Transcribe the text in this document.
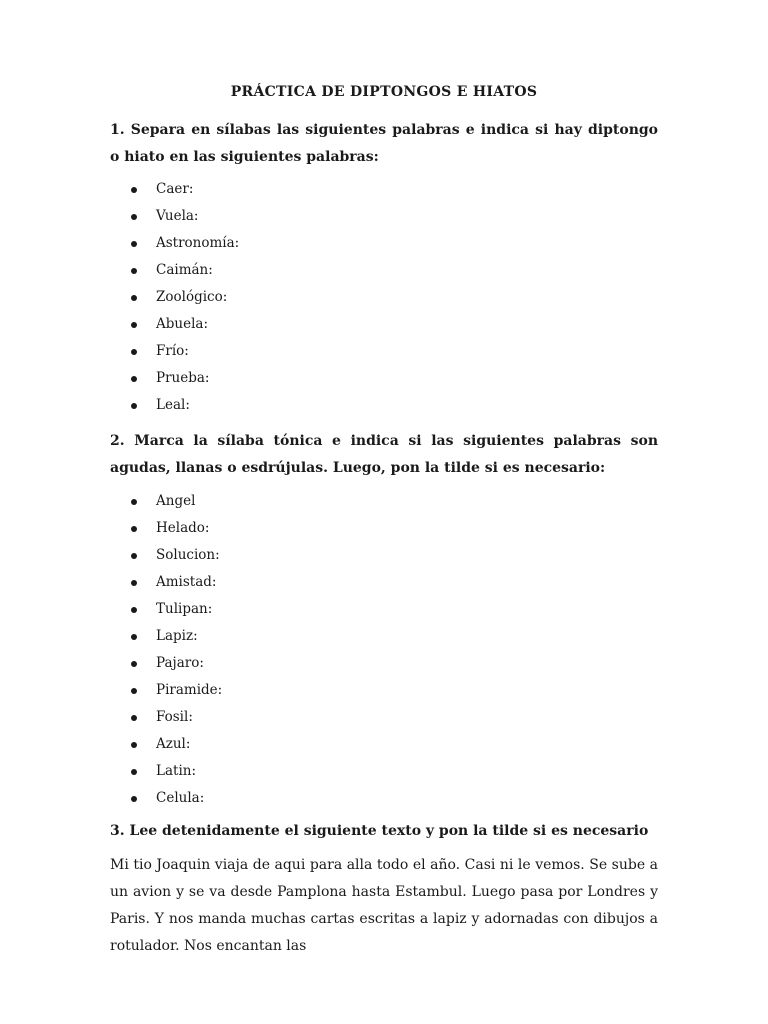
PRÁCTICA DE DIPTONGOS E HIATOS

1. Separa en sílabas las siguientes palabras e indica si hay diptongo o hiato en las siguientes palabras:

Caer:
Vuela:
Astronomía:
Caimán:
Zoológico:
Abuela:
Frío:
Prueba:
Leal:

2. Marca la sílaba tónica e indica si las siguientes palabras son agudas, llanas o esdrújulas. Luego, pon la tilde si es necesario:

Angel
Helado:
Solucion:
Amistad:
Tulipan:
Lapiz:
Pajaro:
Piramide:
Fosil:
Azul:
Latin:
Celula:

3. Lee detenidamente el siguiente texto y pon la tilde si es necesario

Mi tio Joaquin viaja de aqui para alla todo el año. Casi ni le vemos. Se sube a un avion y se va desde Pamplona hasta Estambul. Luego pasa por Londres y Paris. Y nos manda muchas cartas escritas a lapiz y adornadas con dibujos a rotulador. Nos encantan las
